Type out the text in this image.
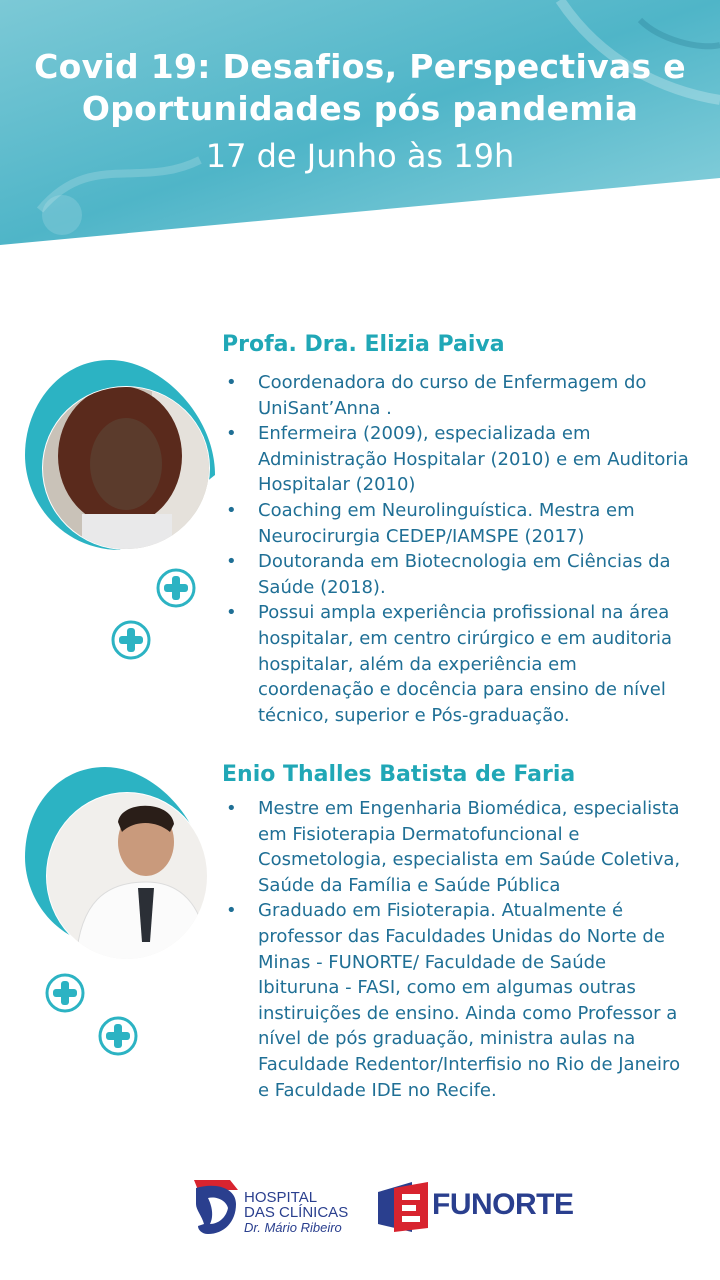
Covid 19: Desafios, Perspectivas e
Oportunidades pós pandemia
17 de Junho às 19h
Profa. Dra. Elizia Paiva
• Coordenadora do curso de Enfermagem do UniSant’Anna .
• Enfermeira (2009), especializada em Administração Hospitalar (2010) e em Auditoria Hospitalar (2010)
• Coaching em Neurolinguística. Mestra em Neurocirurgia CEDEP/IAMSPE (2017)
• Doutoranda em Biotecnologia em Ciências da Saúde (2018).
• Possui ampla experiência profissional na área hospitalar, em centro cirúrgico e em auditoria hospitalar, além da experiência em coordenação e docência para ensino de nível técnico, superior e Pós-graduação.
Enio Thalles Batista de Faria
• Mestre em Engenharia Biomédica, especialista em Fisioterapia Dermatofuncional e Cosmetologia, especialista em Saúde Coletiva, Saúde da Família e Saúde Pública
• Graduado em Fisioterapia. Atualmente é professor das Faculdades Unidas do Norte de Minas - FUNORTE/ Faculdade de Saúde Ibituruna - FASI, como em algumas outras instiruições de ensino. Ainda como Professor a nível de pós graduação, ministra aulas na Faculdade Redentor/Interfisio no Rio de Janeiro e Faculdade IDE no Recife.
HOSPITAL
DAS CLÍNICAS
Dr. Mário Ribeiro
FUNORTE
